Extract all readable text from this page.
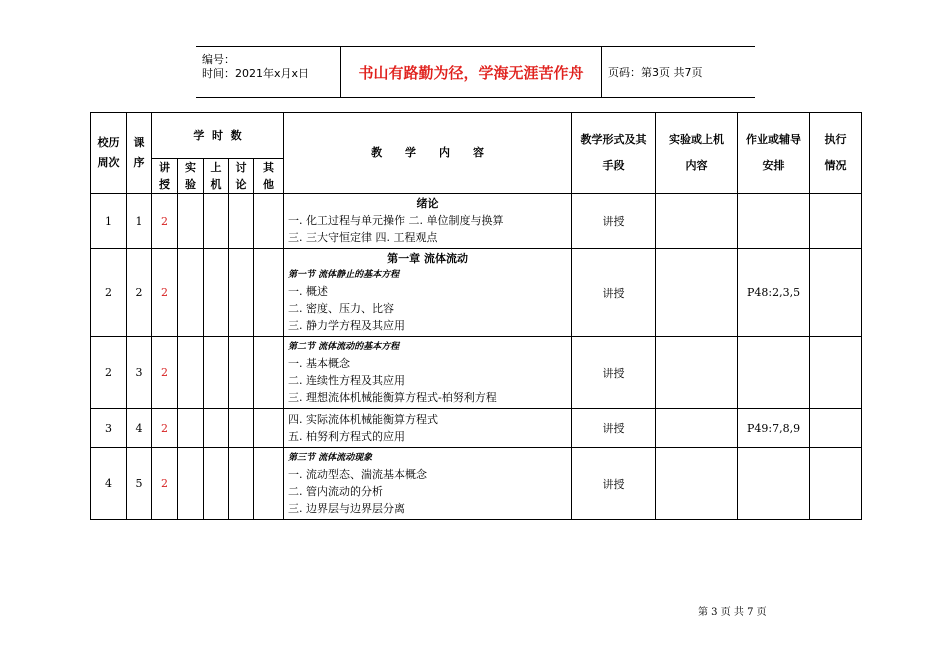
编号：
时间：2021年x月x日	书山有路勤为径，学海无涯苦作舟	页码：第3页 共7页
校历周次	课序	学  时  数					教      学      内      容	教学形式及其手段	实验或上机内容	作业或辅导安排	执行情况

		讲授	实验	上机	讨论	其他					

1	1	2					绪论
一. 化工过程与单元操作 二. 单位制度与换算
三. 三大守恒定律 四. 工程观点	讲授			
2	2	2					第一章 流体流动
第一节 流体静止的基本方程
一. 概述
二. 密度、压力、比容
三. 静力学方程及其应用	讲授		P48:2,3,5	
2	3	2					第二节 流体流动的基本方程
一. 基本概念
二. 连续性方程及其应用
三. 理想流体机械能衡算方程式-柏努利方程	讲授			
3	4	2					四. 实际流体机械能衡算方程式
五. 柏努利方程式的应用	讲授		P49:7,8,9	
4	5	2					第三节 流体流动现象
一. 流动型态、湍流基本概念
二. 管内流动的分析
三. 边界层与边界层分离	讲授			
第 3 页 共 7 页
